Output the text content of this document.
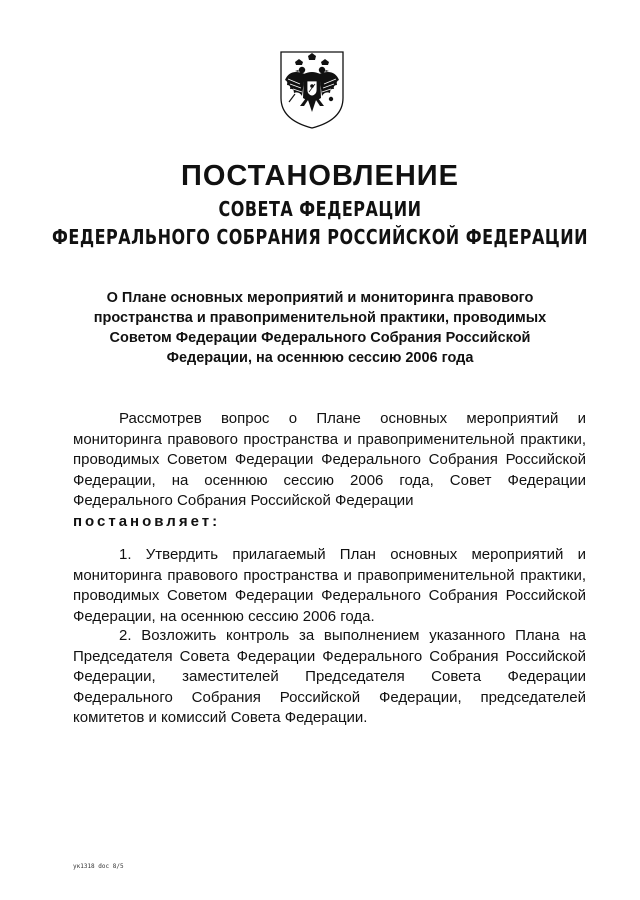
ПОСТАНОВЛЕНИЕ
СОВЕТА ФЕДЕРАЦИИ
ФЕДЕРАЛЬНОГО СОБРАНИЯ РОССИЙСКОЙ ФЕДЕРАЦИИ
О Плане основных мероприятий и мониторинга правового пространства и правоприменительной практики, проводимых Советом Федерации Федерального Собрания Российской Федерации, на осеннюю сессию 2006 года
Рассмотрев вопрос о Плане основных мероприятий и мониторинга правового пространства и правоприменительной практики, проводимых Советом Федерации Федерального Собрания Российской Федерации, на осеннюю сессию 2006 года, Совет Федерации Федерального Собрания Российской Федерации
постановляет:
1. Утвердить прилагаемый План основных мероприятий и мониторинга правового пространства и правоприменительной практики, проводимых Советом Федерации Федерального Собрания Российской Федерации, на осеннюю сессию 2006 года.
2. Возложить контроль за выполнением указанного Плана на Председателя Совета Федерации Федерального Собрания Российской Федерации, заместителей Председателя Совета Федерации Федерального Собрания Российской Федерации, председателей комитетов и комиссий Совета Федерации.
ук1318 doc 8/5
